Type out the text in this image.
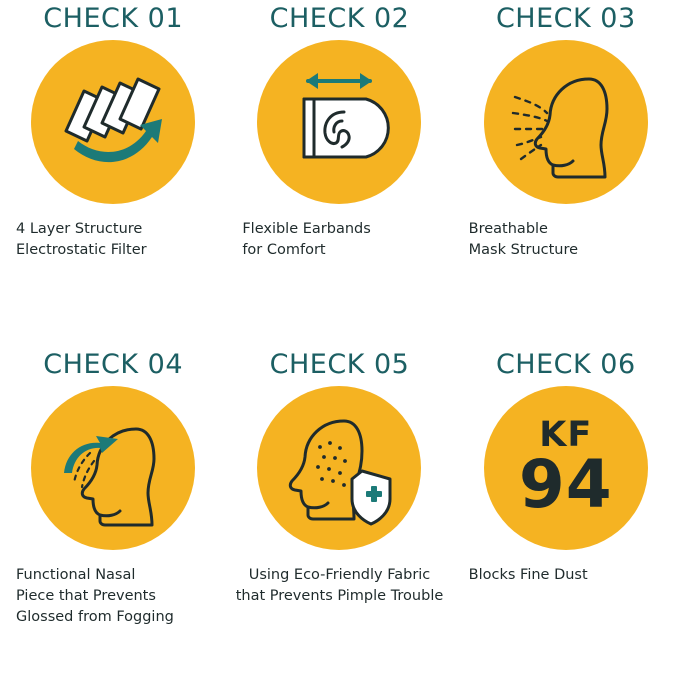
CHECK 01
4 Layer Structure
Electrostatic Filter
CHECK 02
Flexible Earbands
for Comfort
CHECK 03
Breathable
Mask Structure
CHECK 04
Functional Nasal
Piece that Prevents
Glossed from Fogging
CHECK 05
Using Eco-Friendly Fabric
that Prevents Pimple Trouble
CHECK 06
KF
94
Blocks Fine Dust
